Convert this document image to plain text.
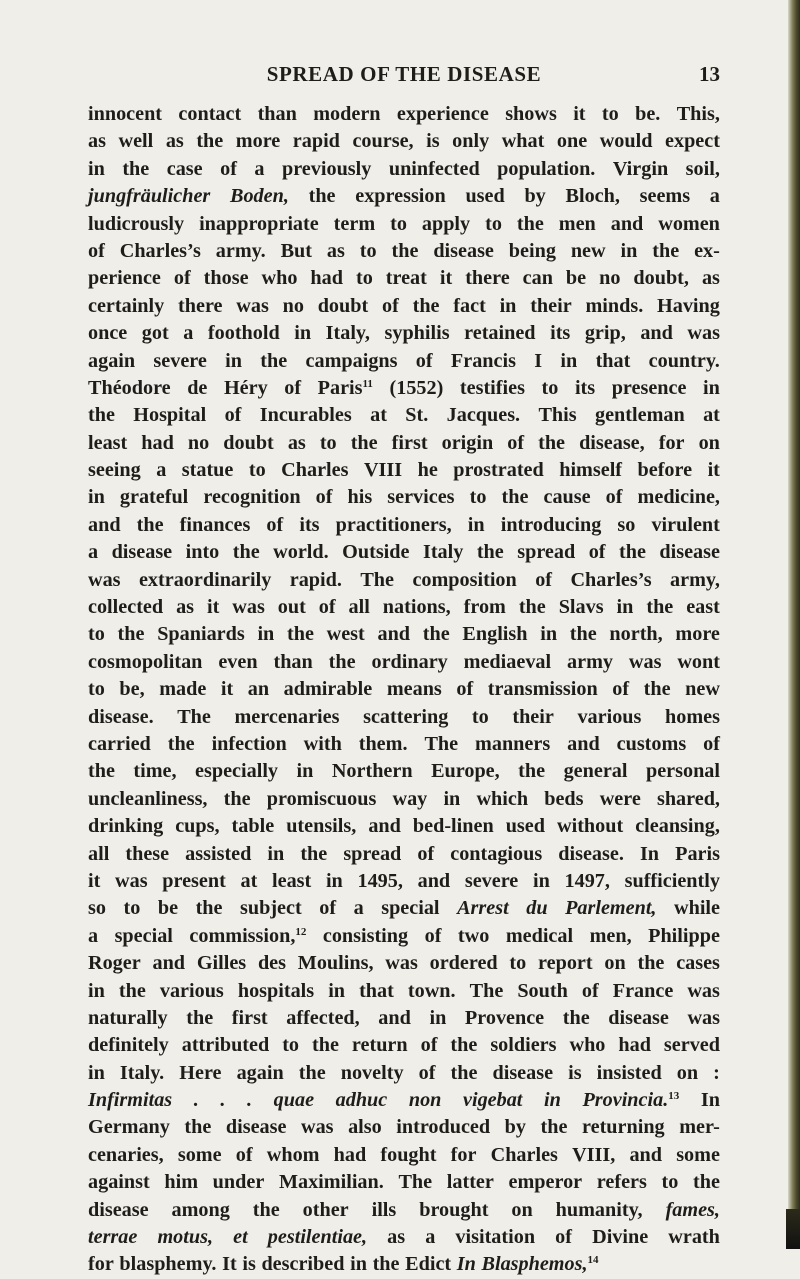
SPREAD OF THE DISEASE	13
innocent contact than modern experience shows it to be. This,
as well as the more rapid course, is only what one would expect
in the case of a previously uninfected population. Virgin soil,
jungfräulicher Boden, the expression used by Bloch, seems a
ludicrously inappropriate term to apply to the men and women
of Charles’s army. But as to the disease being new in the ex-
perience of those who had to treat it there can be no doubt, as
certainly there was no doubt of the fact in their minds. Having
once got a foothold in Italy, syphilis retained its grip, and was
again severe in the campaigns of Francis I in that country.
Théodore de Héry of Paris$^{11}$ (1552) testifies to its presence in
the Hospital of Incurables at St. Jacques. This gentleman at
least had no doubt as to the first origin of the disease, for on
seeing a statue to Charles VIII he prostrated himself before it
in grateful recognition of his services to the cause of medicine,
and the finances of its practitioners, in introducing so virulent
a disease into the world. Outside Italy the spread of the disease
was extraordinarily rapid. The composition of Charles’s army,
collected as it was out of all nations, from the Slavs in the east
to the Spaniards in the west and the English in the north, more
cosmopolitan even than the ordinary mediaeval army was wont
to be, made it an admirable means of transmission of the new
disease. The mercenaries scattering to their various homes
carried the infection with them. The manners and customs of
the time, especially in Northern Europe, the general personal
uncleanliness, the promiscuous way in which beds were shared,
drinking cups, table utensils, and bed-linen used without cleansing,
all these assisted in the spread of contagious disease. In Paris
it was present at least in 1495, and severe in 1497, sufficiently
so to be the subject of a special Arrest du Parlement, while
a special commission,$^{12}$ consisting of two medical men, Philippe
Roger and Gilles des Moulins, was ordered to report on the cases
in the various hospitals in that town. The South of France was
naturally the first affected, and in Provence the disease was
definitely attributed to the return of the soldiers who had served
in Italy. Here again the novelty of the disease is insisted on :
Infirmitas . . . quae adhuc non vigebat in Provincia.$^{13}$ In
Germany the disease was also introduced by the returning mer-
cenaries, some of whom had fought for Charles VIII, and some
against him under Maximilian. The latter emperor refers to the
disease among the other ills brought on humanity, fames,
terrae motus, et pestilentiae, as a visitation of Divine wrath
for blasphemy. It is described in the Edict In Blasphemos,$^{14}$
